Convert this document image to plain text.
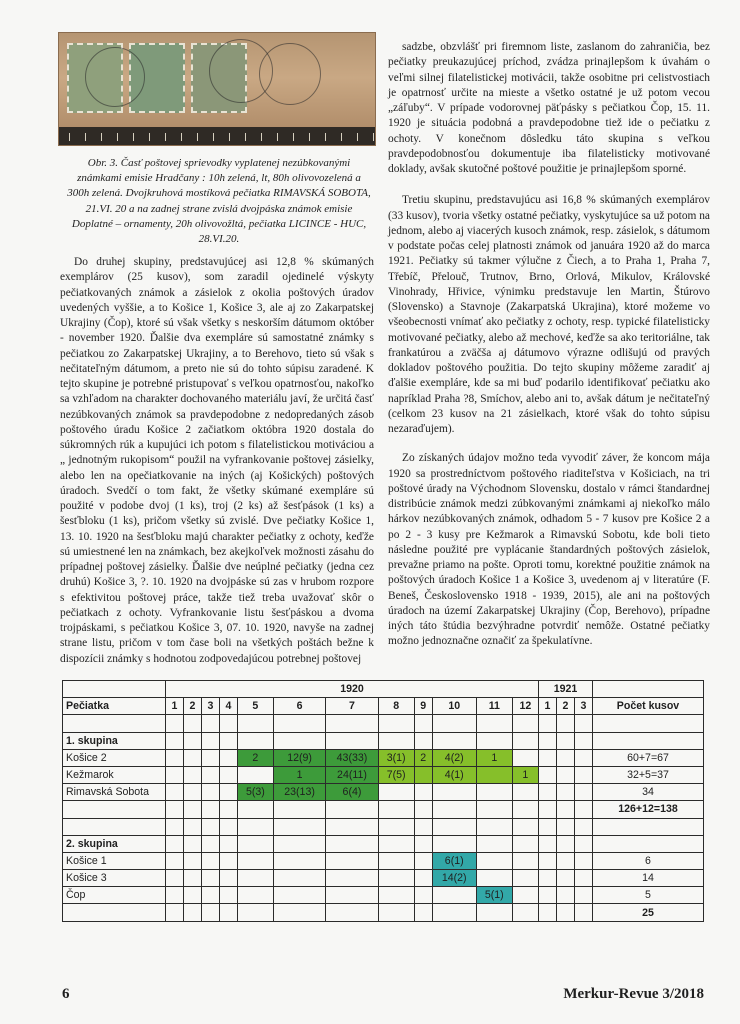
Obr. 3. Časť poštovej sprievodky vyplatenej nezúbkovanými známkami emisie Hradčany : 10h zelená, lt, 80h olivovozelená a 300h zelená. Dvojkruhová mostíková pečiatka RIMAVSKÁ SOBOTA, 21.VI. 20 a na zadnej strane zvislá dvojpáska známok emisie Doplatné – ornamenty, 20h olivovožltá, pečiatka LICINCE - HUC, 28.VI.20.

Do druhej skupiny, predstavujúcej asi 12,8 % skúmaných exemplárov (25 kusov), som zaradil ojedinelé výskyty pečiatkovaných známok a zásielok z okolia poštových úradov uvedených vyššie, a to Košice 1, Košice 3, ale aj zo Zakarpatskej Ukrajiny (Čop), ktoré sú však všetky s neskorším dátumom október - november 1920. Ďalšie dva exempláre sú samostatné známky s pečiatkou zo Zakarpatskej Ukrajiny, a to Berehovo, tieto sú však s nečitateľným dátumom, a preto nie sú do tohto súpisu zaradené. K tejto skupine je potrebné pristupovať s veľkou opatrnosťou, nakoľko sa vzhľadom na charakter dochovaného materiálu javí, že určitá časť nezúbkovaných známok sa pravdepodobne z nedopredaných zásob poštového úradu Košice 2 začiatkom októbra 1920 dostala do súkromných rúk a kupujúci ich potom s filatelistickou motiváciou a „ jednotným rukopisom“ použil na vyfrankovanie poštovej zásielky, alebo len na opečiatkovanie na iných (aj Košických) poštových úradoch. Svedčí o tom fakt, že všetky skúmané exempláre sú použité v podobe dvoj (1 ks), troj (2 ks) až šesťpások (1 ks) a šesťbloku (1 ks), pričom všetky sú zvislé. Dve pečiatky Košice 1, 13. 10. 1920 na šesťbloku majú charakter pečiatky z ochoty, keďže sú umiestnené len na známkach, bez akejkoľvek možnosti zásahu do prípadnej poštovej zásielky. Ďalšie dve neúplné pečiatky (jedna cez druhú) Košice 3, ?. 10. 1920 na dvojpáske sú zas v hrubom rozpore s efektivitou poštovej práce, takže tiež treba uvažovať skôr o pečiatkach z ochoty. Vyfrankovanie listu šesťpáskou a dvoma trojpáskami, s pečiatkou Košice 3, 07. 10. 1920, navyše na zadnej strane listu, pričom v tom čase boli na všetkých poštách bežne k dispozícii známky s hodnotou zodpovedajúcou potrebnej poštovej

sadzbe, obzvlášť pri firemnom liste, zaslanom do zahraničia, bez pečiatky preukazujúcej príchod, zvádza prinajlepšom k úvahám o veľmi silnej filatelistickej motivácii, takže osobitne pri celistvostiach je opatrnosť určite na mieste a všetko ostatné je už potom vecou „záľuby“. V prípade vodorovnej päťpásky s pečiatkou Čop, 15. 11. 1920 je situácia podobná a pravdepodobne tiež ide o pečiatku z ochoty. V konečnom dôsledku táto skupina s veľkou pravdepodobnosťou dokumentuje iba filatelisticky motivované doklady, avšak skutočné poštové použitie je prinajlepšom sporné.

Tretiu skupinu, predstavujúcu asi 16,8 % skúmaných exemplárov (33 kusov), tvoria všetky ostatné pečiatky, vyskytujúce sa už potom na jednom, alebo aj viacerých kusoch známok, resp. zásielok, s dátumom v podstate počas celej platnosti známok od januára 1920 až do marca 1921. Pečiatky sú takmer výlučne z Čiech, a to Praha 1, Praha 7, Třebíč, Přelouč, Trutnov, Brno, Orlová, Mikulov, Královské Vinohrady, Hřivice, výnimku predstavuje len Martin, Štúrovo (Slovensko) a Stavnoje (Zakarpatská Ukrajina), ktoré možeme vo všeobecnosti vnímať ako pečiatky z ochoty, resp. typické filatelisticky motivované pečiatky, alebo až mechové, keďže sa ako teritoriálne, tak frankatúrou a zväčša aj dátumovo výrazne odlišujú od pravých dokladov poštového použitia. Do tejto skupiny môžeme zaradiť aj ďalšie exempláre, kde sa mi buď podarilo identifikovať pečiatku ako napríklad Praha ?8, Smíchov, alebo ani to, avšak dátum je nečitateľný (celkom 23 kusov na 21 zásielkach, ktoré však do tohto súpisu nezaraďujem).

Zo získaných údajov možno teda vyvodiť záver, že koncom mája 1920 sa prostredníctvom poštového riaditeľstva v Košiciach, na tri poštové úrady na Východnom Slovensku, dostalo v rámci štandardnej distribúcie známok medzi zúbkovanými známkami aj niekoľko málo hárkov nezúbkovaných známok, odhadom 5 - 7 kusov pre Košice 2 a po 2 - 3 kusy pre Kežmarok a Rimavskú Sobotu, kde boli tieto následne použité pre vyplácanie štandardných poštových zásielok, prevažne priamo na pošte. Oproti tomu, korektné použitie známok na poštových úradoch Košice 1 a Košice 3, uvedenom aj v literatúre (F. Beneš, Československo 1918 - 1939, 2015), ale ani na poštových úradoch na území Zakarpatskej Ukrajiny (Čop, Berehovo), prípadne iných táto štúdia bezvýhradne potvrdiť nemôže. Ostatné pečiatky možno jednoznačne označiť za špekulatívne.

	1920												1921			
Pečiatka	1	2	3	4	5	6	7	8	9	10	11	12	1	2	3	Počet kusov

1. skupina																
Košice 2					2	12(9)	43(33)	3(1)	2	4(2)	1					60+7=67
Kežmarok						1	24(11)	7(5)		4(1)		1				32+5=37
Rimavská Sobota					5(3)	23(13)	6(4)									34
																126+12=138

2. skupina																
Košice 1										6(1)						6
Košice 3										14(2)						14
Čop											5(1)					5
																25
6	Merkur-Revue 3/2018
